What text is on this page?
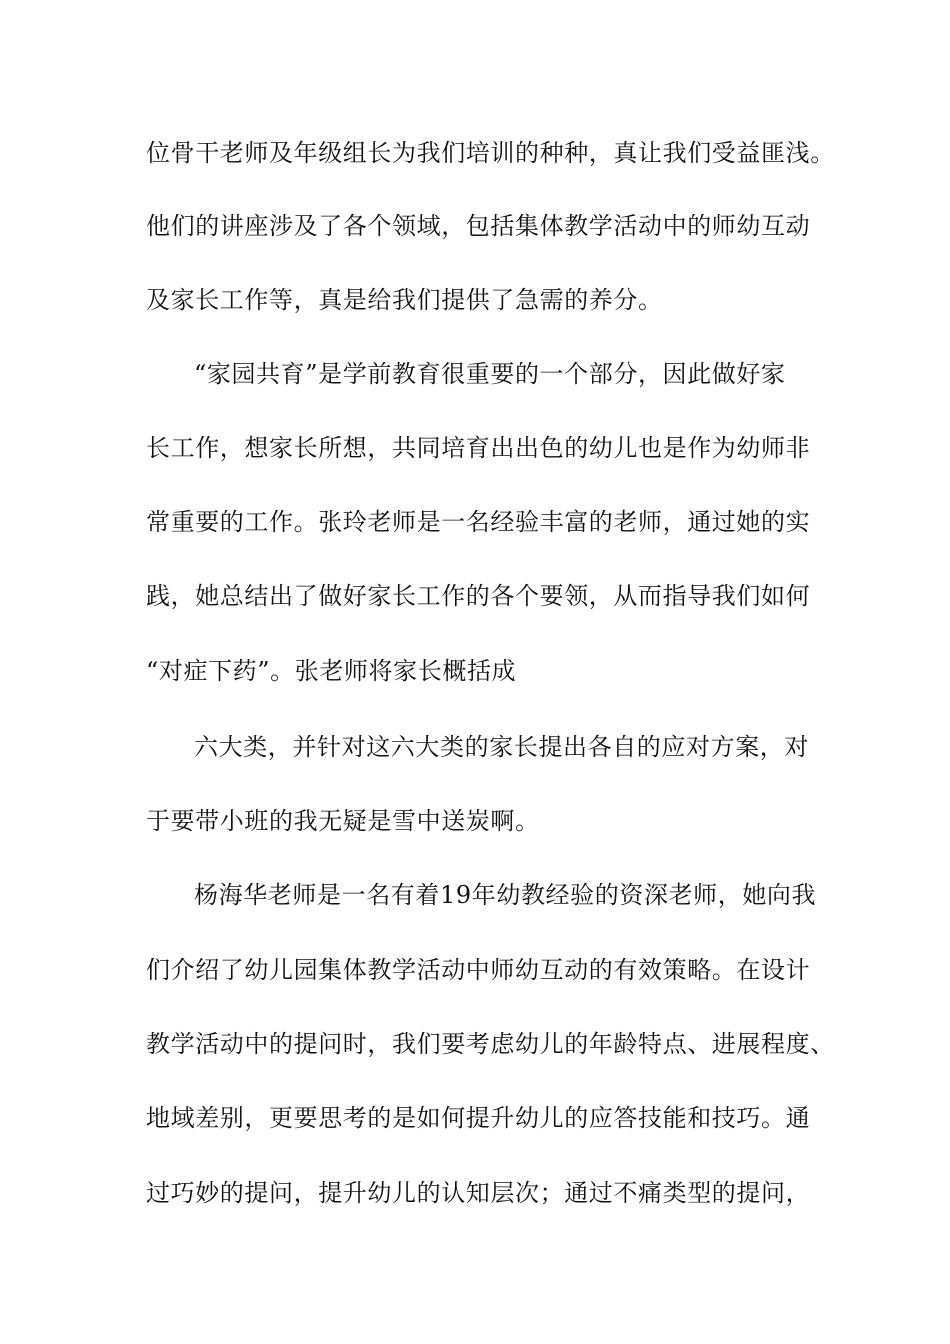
位骨干老师及年级组长为我们培训的种种，真让我们受益匪浅。
他们的讲座涉及了各个领域，包括集体教学活动中的师幼互动
及家长工作等，真是给我们提供了急需的养分。
“家园共育”是学前教育很重要的一个部分，因此做好家
长工作，想家长所想，共同培育出出色的幼儿也是作为幼师非
常重要的工作。张玲老师是一名经验丰富的老师，通过她的实
践，她总结出了做好家长工作的各个要领，从而指导我们如何
“对症下药”。张老师将家长概括成
六大类，并针对这六大类的家长提出各自的应对方案，对
于要带小班的我无疑是雪中送炭啊。
杨海华老师是一名有着19年幼教经验的资深老师，她向我
们介绍了幼儿园集体教学活动中师幼互动的有效策略。在设计
教学活动中的提问时，我们要考虑幼儿的年龄特点、进展程度、
地域差别，更要思考的是如何提升幼儿的应答技能和技巧。通
过巧妙的提问，提升幼儿的认知层次；通过不痛类型的提问，
